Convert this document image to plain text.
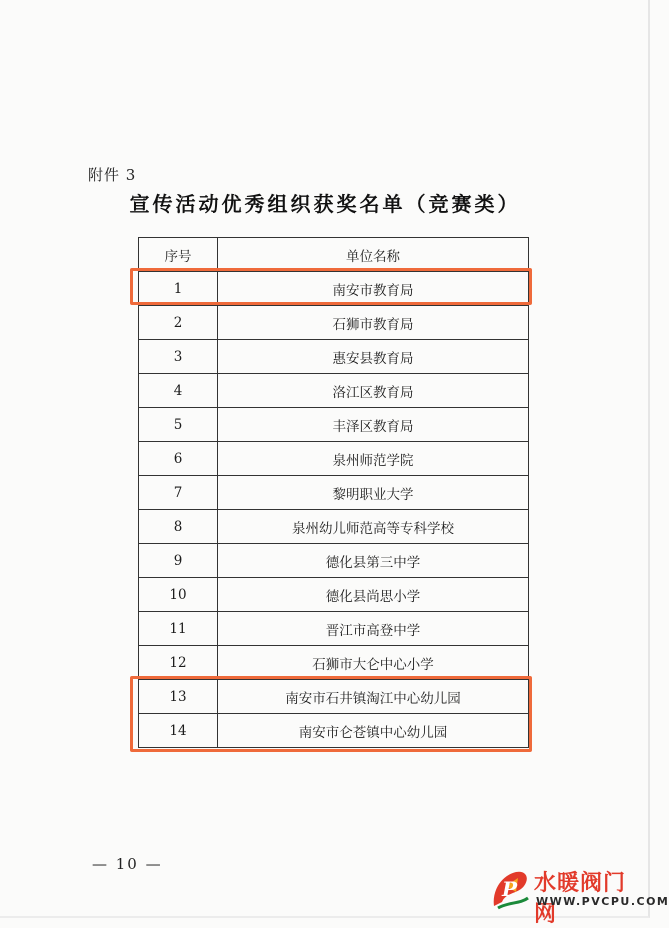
附件 3
宣传活动优秀组织获奖名单（竞赛类）
序号	单位名称
1	南安市教育局
2	石狮市教育局
3	惠安县教育局
4	洛江区教育局
5	丰泽区教育局
6	泉州师范学院
7	黎明职业大学
8	泉州幼儿师范高等专科学校
9	德化县第三中学
10	德化县尚思小学
11	晋江市高登中学
12	石狮市大仑中心小学
13	南安市石井镇淘江中心幼儿园
14	南安市仑苍镇中心幼儿园
— 10 —
P 水暖阀门网
WWW.PVCPU.COM
